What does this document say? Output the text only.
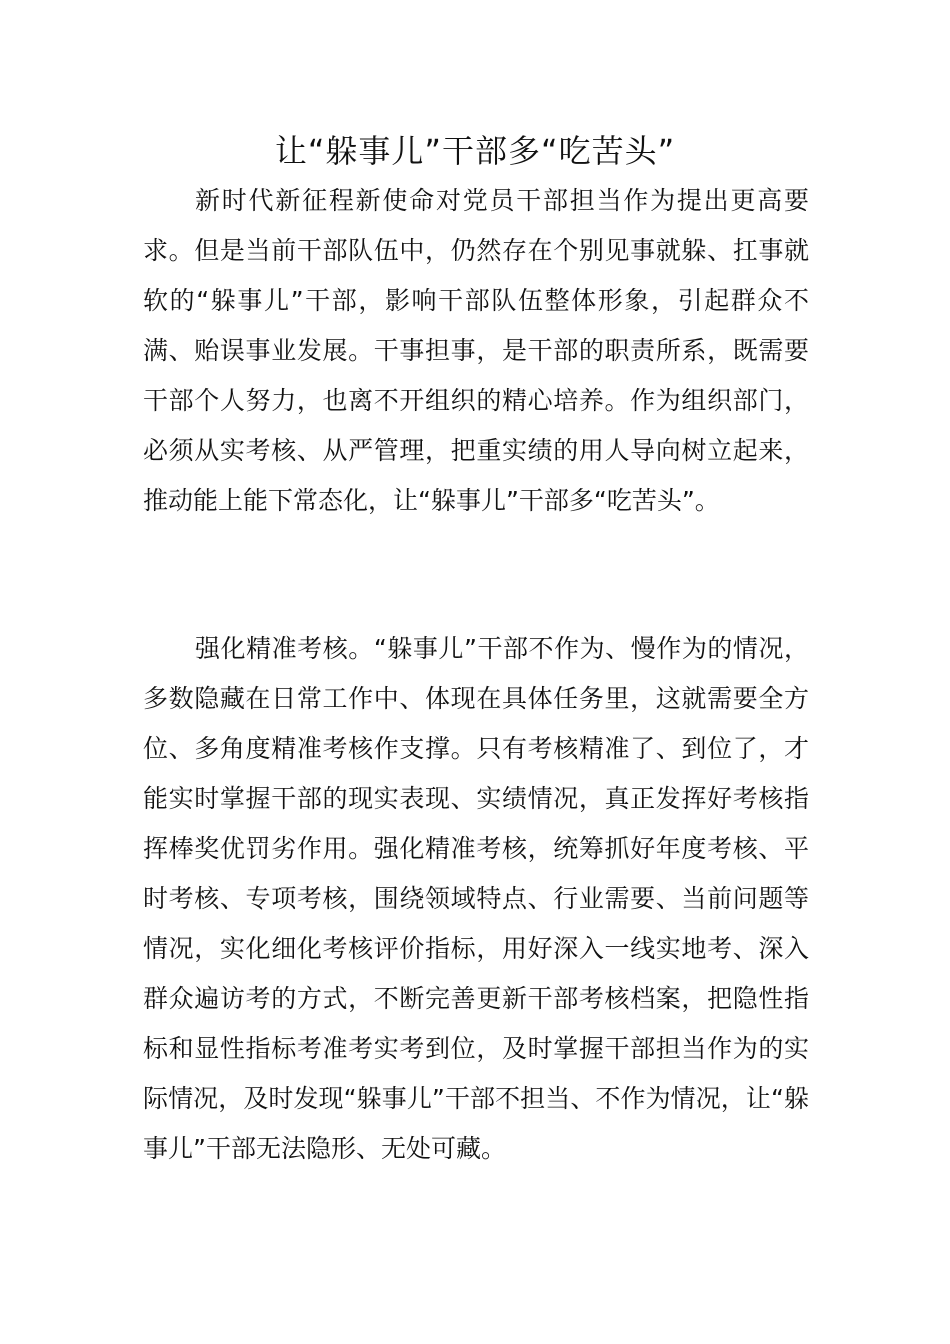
让“躲事儿”干部多“吃苦头”

新时代新征程新使命对党员干部担当作为提出更高要求。但是当前干部队伍中，仍然存在个别见事就躲、扛事就软的“躲事儿”干部，影响干部队伍整体形象，引起群众不满、贻误事业发展。干事担事，是干部的职责所系，既需要干部个人努力，也离不开组织的精心培养。作为组织部门，必须从实考核、从严管理，把重实绩的用人导向树立起来，推动能上能下常态化，让“躲事儿”干部多“吃苦头”。

强化精准考核。“躲事儿”干部不作为、慢作为的情况，多数隐藏在日常工作中、体现在具体任务里，这就需要全方位、多角度精准考核作支撑。只有考核精准了、到位了，才能实时掌握干部的现实表现、实绩情况，真正发挥好考核指挥棒奖优罚劣作用。强化精准考核，统筹抓好年度考核、平时考核、专项考核，围绕领域特点、行业需要、当前问题等情况，实化细化考核评价指标，用好深入一线实地考、深入群众遍访考的方式，不断完善更新干部考核档案，把隐性指标和显性指标考准考实考到位，及时掌握干部担当作为的实际情况，及时发现“躲事儿”干部不担当、不作为情况，让“躲事儿”干部无法隐形、无处可藏。
